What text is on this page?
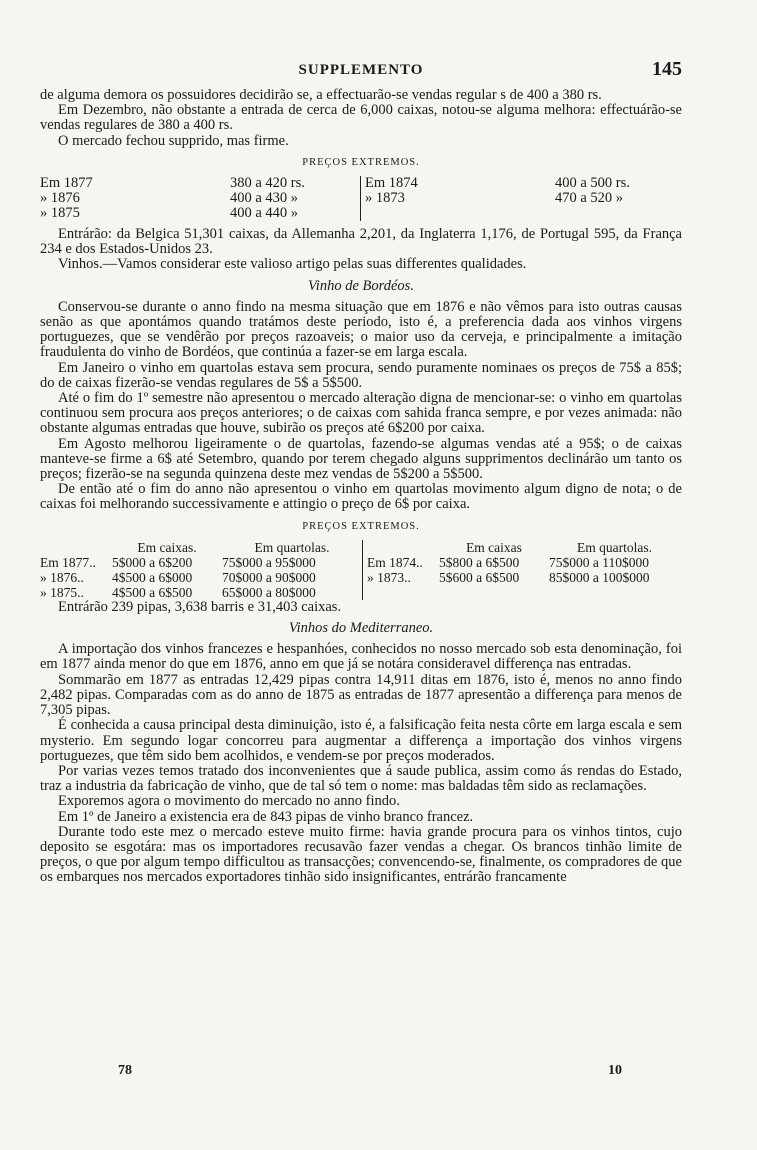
SUPPLEMENTO	145

de alguma demora os possuidores decidirão se, a effectuarão-se vendas regular s de 400 a 380 rs.

Em Dezembro, não obstante a entrada de cerca de 6,000 caixas, notou-se alguma melhora: effectuárão-se vendas regulares de 380 a 400 rs.

O mercado fechou supprido, mas firme.

PREÇOS EXTREMOS.
Em 1877	380 a 420 rs.	Em 1874	400 a 500 rs.
» 1876	400 a 430 »	» 1873	470 a 520 »
» 1875	400 a 440 »		

Entrárão: da Belgica 51,301 caixas, da Allemanha 2,201, da Inglaterra 1,176, de Portugal 595, da França 234 e dos Estados-Unidos 23.

Vinhos.—Vamos considerar este valioso artigo pelas suas differentes qualidades.

Vinho de Bordéos.

Conservou-se durante o anno findo na mesma situação que em 1876 e não vêmos para isto outras causas senão as que apontámos quando tratámos deste periodo, isto é, a preferencia dada aos vinhos virgens portuguezes, que se vendêrão por preços razoaveis; o maior uso da cerveja, e principalmente a imitação fraudulenta do vinho de Bordéos, que continúa a fazer-se em larga escala.

Em Janeiro o vinho em quartolas estava sem procura, sendo puramente nominaes os preços de 75$ a 85$; do de caixas fizerão-se vendas regulares de 5$ a 5$500.

Até o fim do 1º semestre não apresentou o mercado alteração digna de mencionar-se: o vinho em quartolas continuou sem procura aos preços anteriores; o de caixas com sahida franca sempre, e por vezes animada: não obstante algumas entradas que houve, subirão os preços até 6$200 por caixa.

Em Agosto melhorou ligeiramente o de quartolas, fazendo-se algumas vendas até a 95$; o de caixas manteve-se firme a 6$ até Setembro, quando por terem chegado alguns supprimentos declinárão um tanto os preços; fizerão-se na segunda quinzena deste mez vendas de 5$200 a 5$500.

De então até o fim do anno não apresentou o vinho em quartolas movimento algum digno de nota; o de caixas foi melhorando successivamente e attingio o preço de 6$ por caixa.

PREÇOS EXTREMOS.
	Em caixas.	Em quartolas.		Em caixas	Em quartolas.
Em 1877..	5$000 a 6$200	75$000 a 95$000	Em 1874..	5$800 a 6$500	75$000 a 110$000
» 1876..	4$500 a 6$000	70$000 a 90$000	» 1873..	5$600 a 6$500	85$000 a 100$000
» 1875..	4$500 a 6$500	65$000 a 80$000			

Entrárão 239 pipas, 3,638 barris e 31,403 caixas.

Vinhos do Mediterraneo.

A importação dos vinhos francezes e hespanhóes, conhecidos no nosso mercado sob esta denominação, foi em 1877 ainda menor do que em 1876, anno em que já se notára consideravel differença nas entradas.

Sommarão em 1877 as entradas 12,429 pipas contra 14,911 ditas em 1876, isto é, menos no anno findo 2,482 pipas. Comparadas com as do anno de 1875 as entradas de 1877 apresentão a differença para menos de 7,305 pipas.

É conhecida a causa principal desta diminuição, isto é, a falsificação feita nesta côrte em larga escala e sem mysterio. Em segundo logar concorreu para augmentar a differença a importação dos vinhos virgens portuguezes, que têm sido bem acolhidos, e vendem-se por preços moderados.

Por varias vezes temos tratado dos inconvenientes que á saude publica, assim como ás rendas do Estado, traz a industria da fabricação de vinho, que de tal só tem o nome: mas baldadas têm sido as reclamações.

Exporemos agora o movimento do mercado no anno findo.

Em 1º de Janeiro a existencia era de 843 pipas de vinho branco francez.

Durante todo este mez o mercado esteve muito firme: havia grande procura para os vinhos tintos, cujo deposito se esgotára: mas os importadores recusavão fazer vendas a chegar. Os brancos tinhão limite de preços, o que por algum tempo difficultou as transacções; convencendo-se, finalmente, os compradores de que os embarques nos mercados exportadores tinhão sido insignificantes, entrárão francamente

78	10
